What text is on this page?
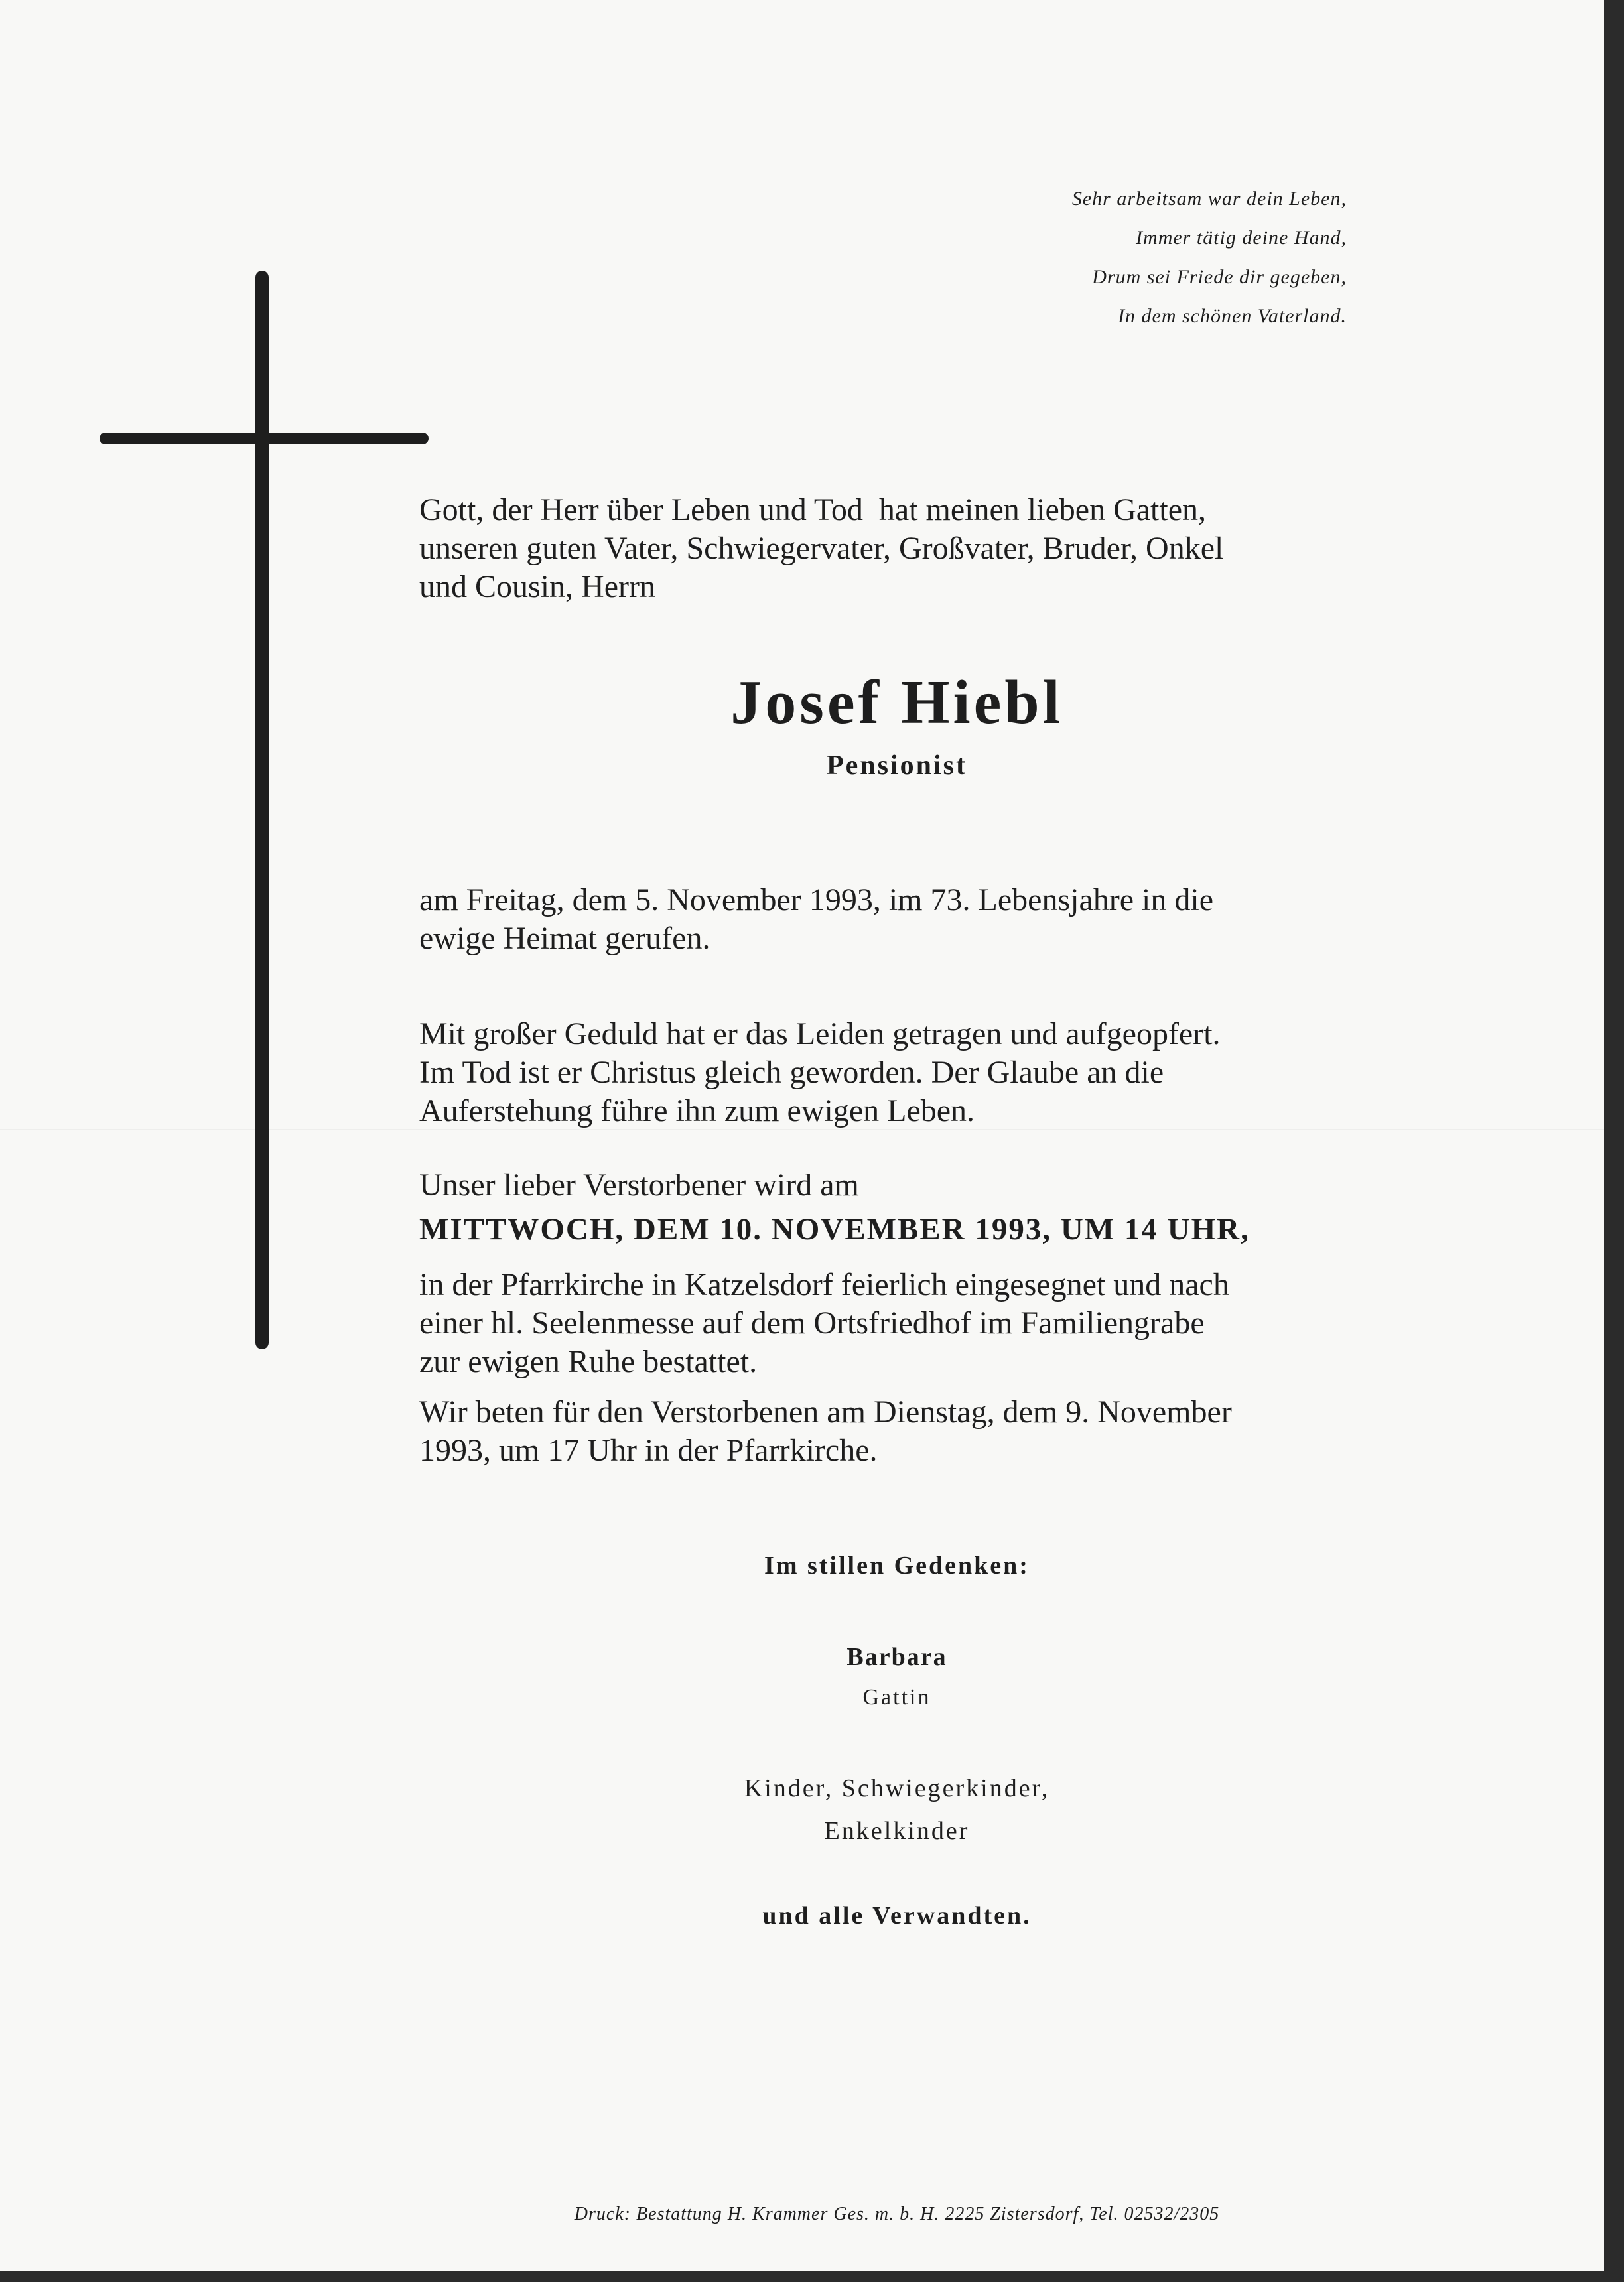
Sehr arbeitsam war dein Leben,
Immer tätig deine Hand,
Drum sei Friede dir gegeben,
In dem schönen Vaterland.
Gott, der Herr über Leben und Tod  hat meinen lieben Gatten,
unseren guten Vater, Schwiegervater, Großvater, Bruder, Onkel
und Cousin, Herrn
Josef Hiebl
Pensionist
am Freitag, dem 5. November 1993, im 73. Lebensjahre in die
ewige Heimat gerufen.
Mit großer Geduld hat er das Leiden getragen und aufgeopfert.
Im Tod ist er Christus gleich geworden. Der Glaube an die
Auferstehung führe ihn zum ewigen Leben.
Unser lieber Verstorbener wird am
MITTWOCH, DEM 10. NOVEMBER 1993, UM 14 UHR,
in der Pfarrkirche in Katzelsdorf feierlich eingesegnet und nach
einer hl. Seelenmesse auf dem Ortsfriedhof im Familiengrabe
zur ewigen Ruhe bestattet.
Wir beten für den Verstorbenen am Dienstag, dem 9. November
1993, um 17 Uhr in der Pfarrkirche.
Im stillen Gedenken:
Barbara
Gattin
Kinder, Schwiegerkinder,
Enkelkinder
und alle Verwandten.
Druck: Bestattung H. Krammer Ges. m. b. H. 2225 Zistersdorf, Tel. 02532/2305
